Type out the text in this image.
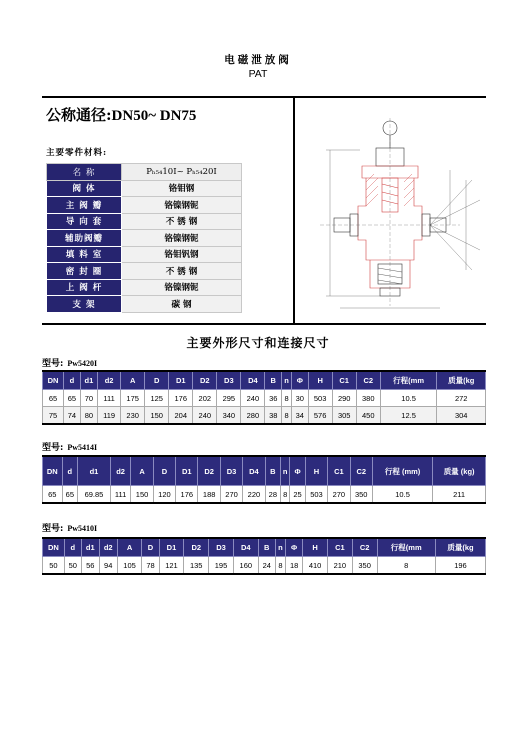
电磁泄放阀
PAT
公称通径:DN50~ DN75
主要零件材料:
名 称	Pₕ₅₄10I~ Pₕ₅₄20I
阀 体	铬钼钢
主 阀 瓣	铬镍钢铌
导 向 套	不 锈 钢
辅助阀瓣	铬镍钢铌
填 料 室	铬钼钒钢
密 封 圈	不 锈 钢
上 阀 杆	铬镍钢铌
支 架	碳 钢
主要外形尺寸和连接尺寸
型号: Pw5420I
DN	d	d1	d2	A	D	D1	D2	D3	D4	B	n	Φ	H	C1	C2	行程(mm	质量(kg
65	65	70	111	175	125	176	202	295	240	36	8	30	503	290	380	10.5	272
75	74	80	119	230	150	204	240	340	280	38	8	34	576	305	450	12.5	304
型号: Pw5414I
DN	d	d1	d2	A	D	D1	D2	D3	D4	B	n	Φ	H	C1	C2	行程 (mm)	质量 (kg)
65	65	69.85	111	150	120	176	188	270	220	28	8	25	503	270	350	10.5	211
型号: Pw5410I
DN	d	d1	d2	A	D	D1	D2	D3	D4	B	n	Φ	H	C1	C2	行程(mm	质量(kg
50	50	56	94	105	78	121	135	195	160	24	8	18	410	210	350	8	196
